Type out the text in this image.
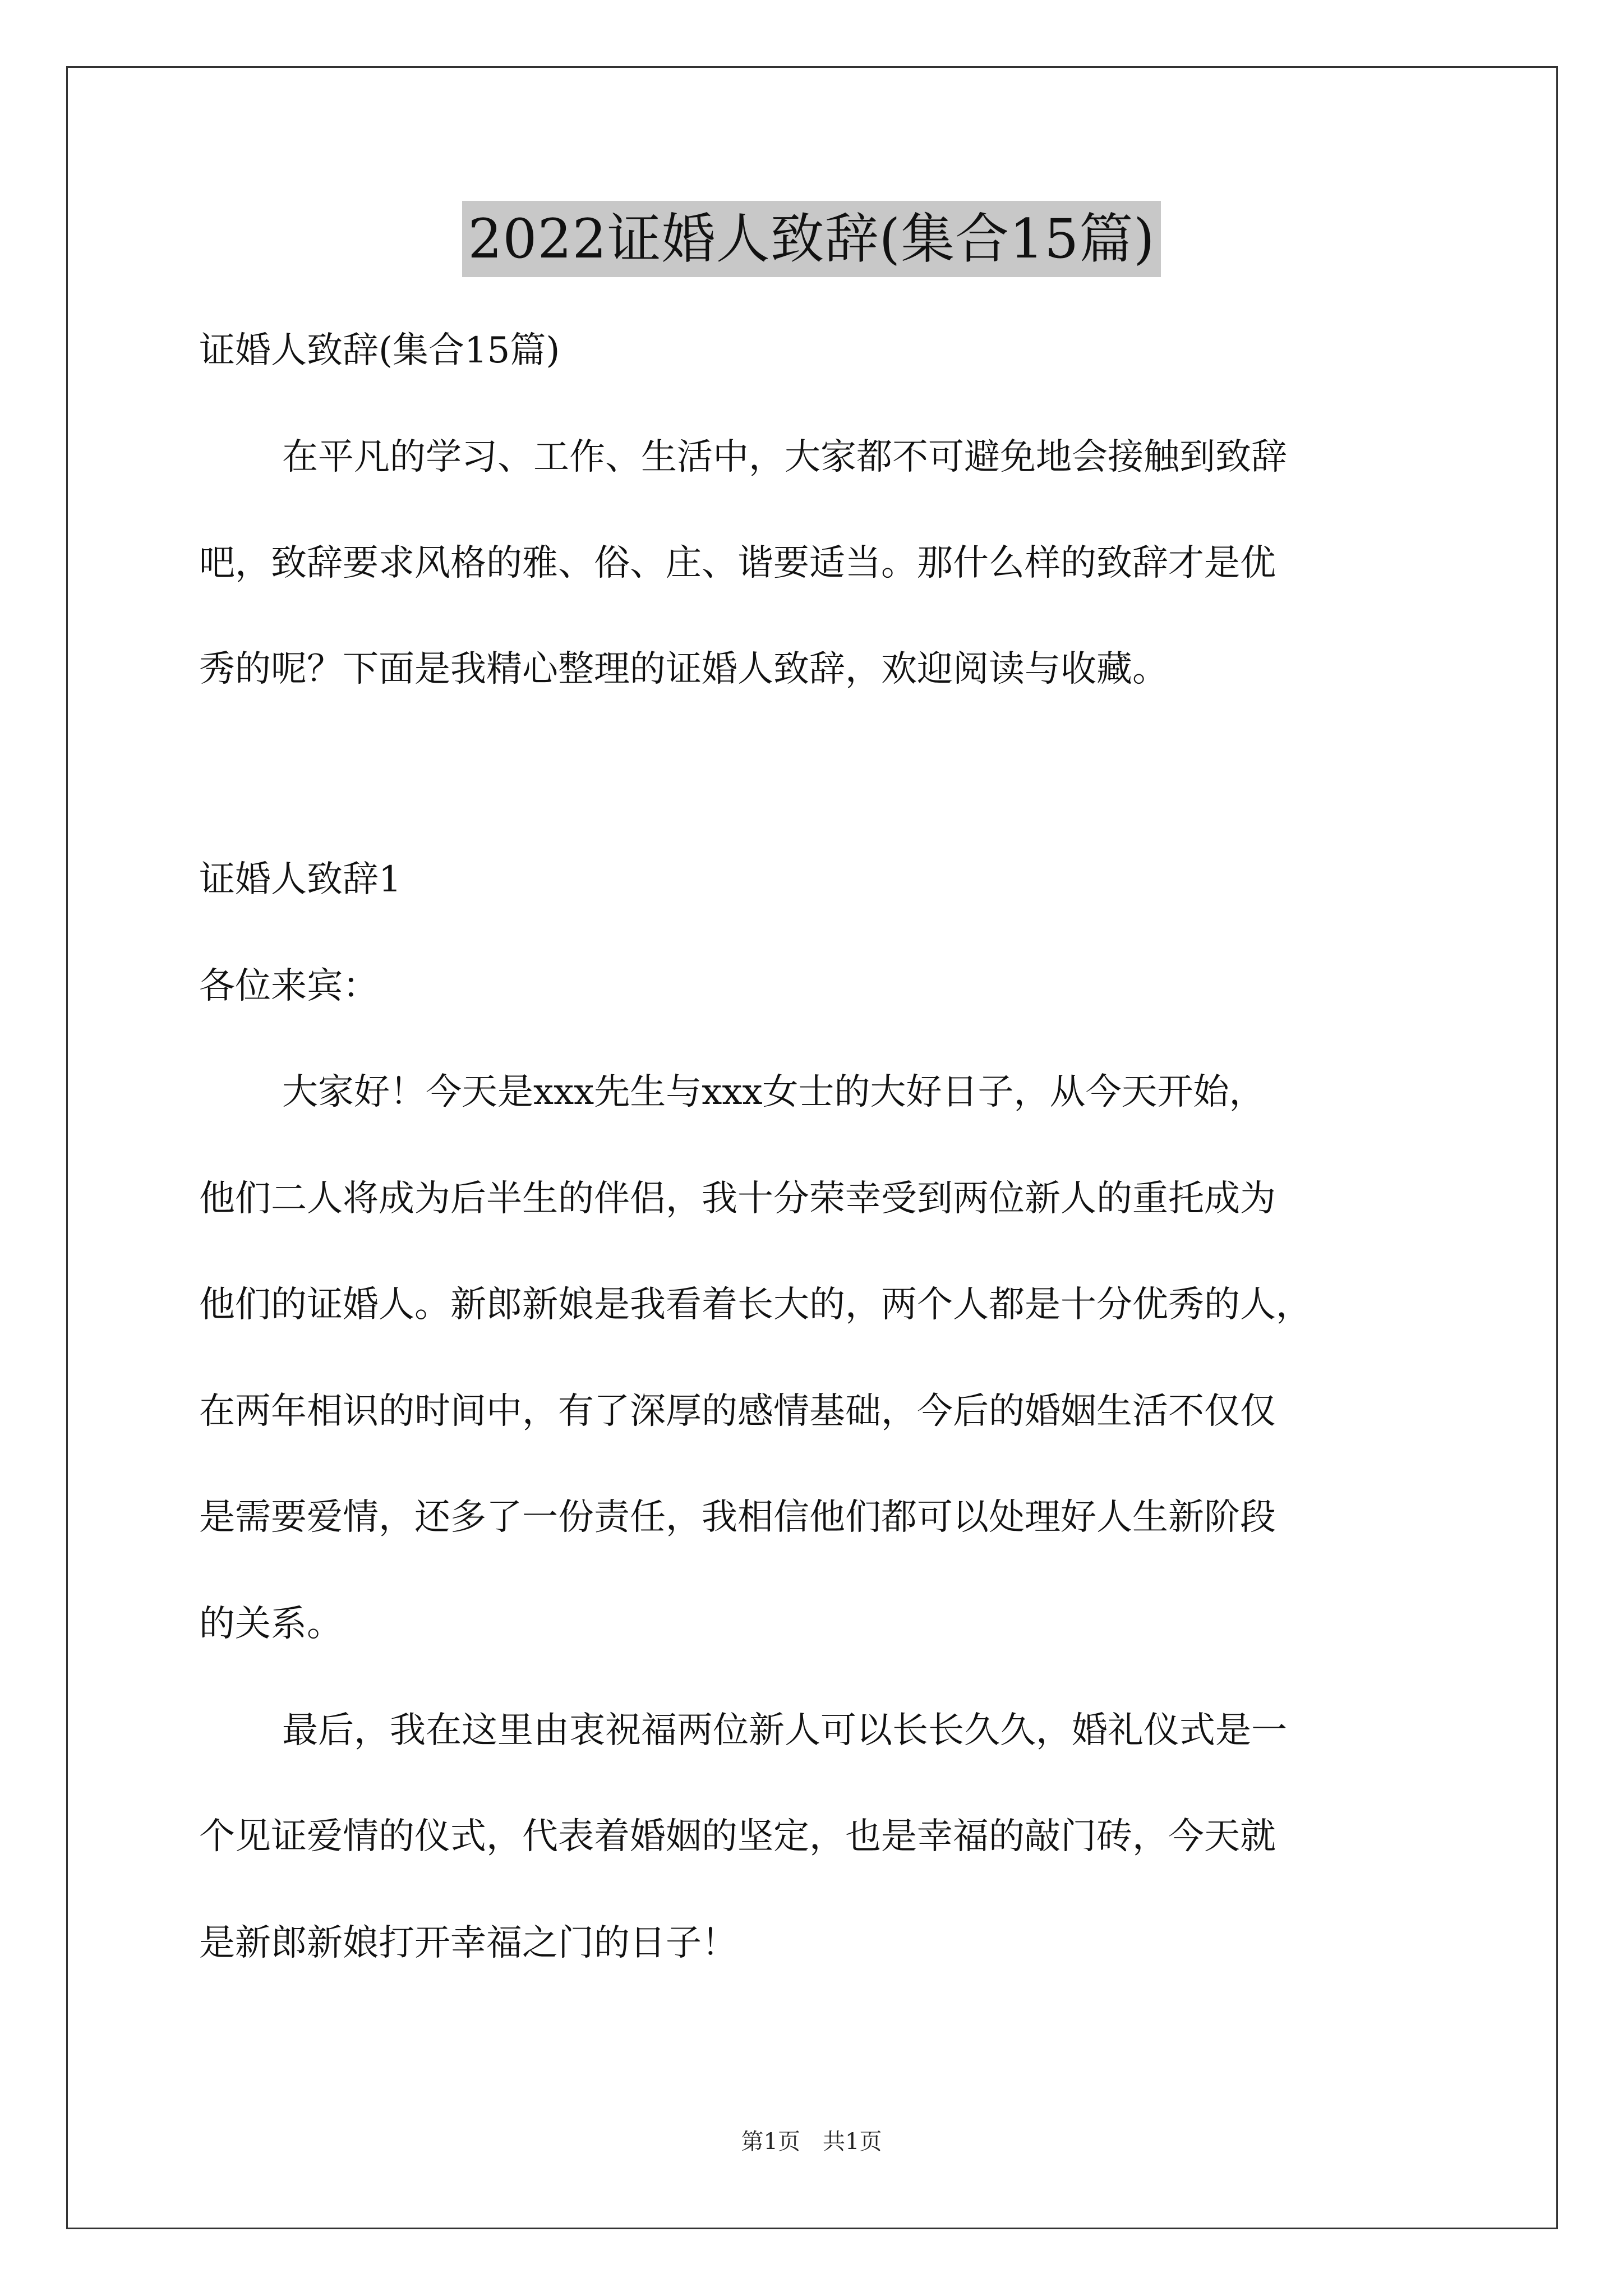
2022证婚人致辞(集合15篇)
证婚人致辞(集合15篇)
在平凡的学习、工作、生活中，大家都不可避免地会接触到致辞
吧，致辞要求风格的雅、俗、庄、谐要适当。那什么样的致辞才是优
秀的呢？下面是我精心整理的证婚人致辞，欢迎阅读与收藏。
证婚人致辞1
各位来宾：
大家好！今天是xxx先生与xxx女士的大好日子，从今天开始，
他们二人将成为后半生的伴侣，我十分荣幸受到两位新人的重托成为
他们的证婚人。新郎新娘是我看着长大的，两个人都是十分优秀的人，
在两年相识的时间中，有了深厚的感情基础，今后的婚姻生活不仅仅
是需要爱情，还多了一份责任，我相信他们都可以处理好人生新阶段
的关系。
最后，我在这里由衷祝福两位新人可以长长久久，婚礼仪式是一
个见证爱情的仪式，代表着婚姻的坚定，也是幸福的敲门砖，今天就
是新郎新娘打开幸福之门的日子！
第1页　共1页
